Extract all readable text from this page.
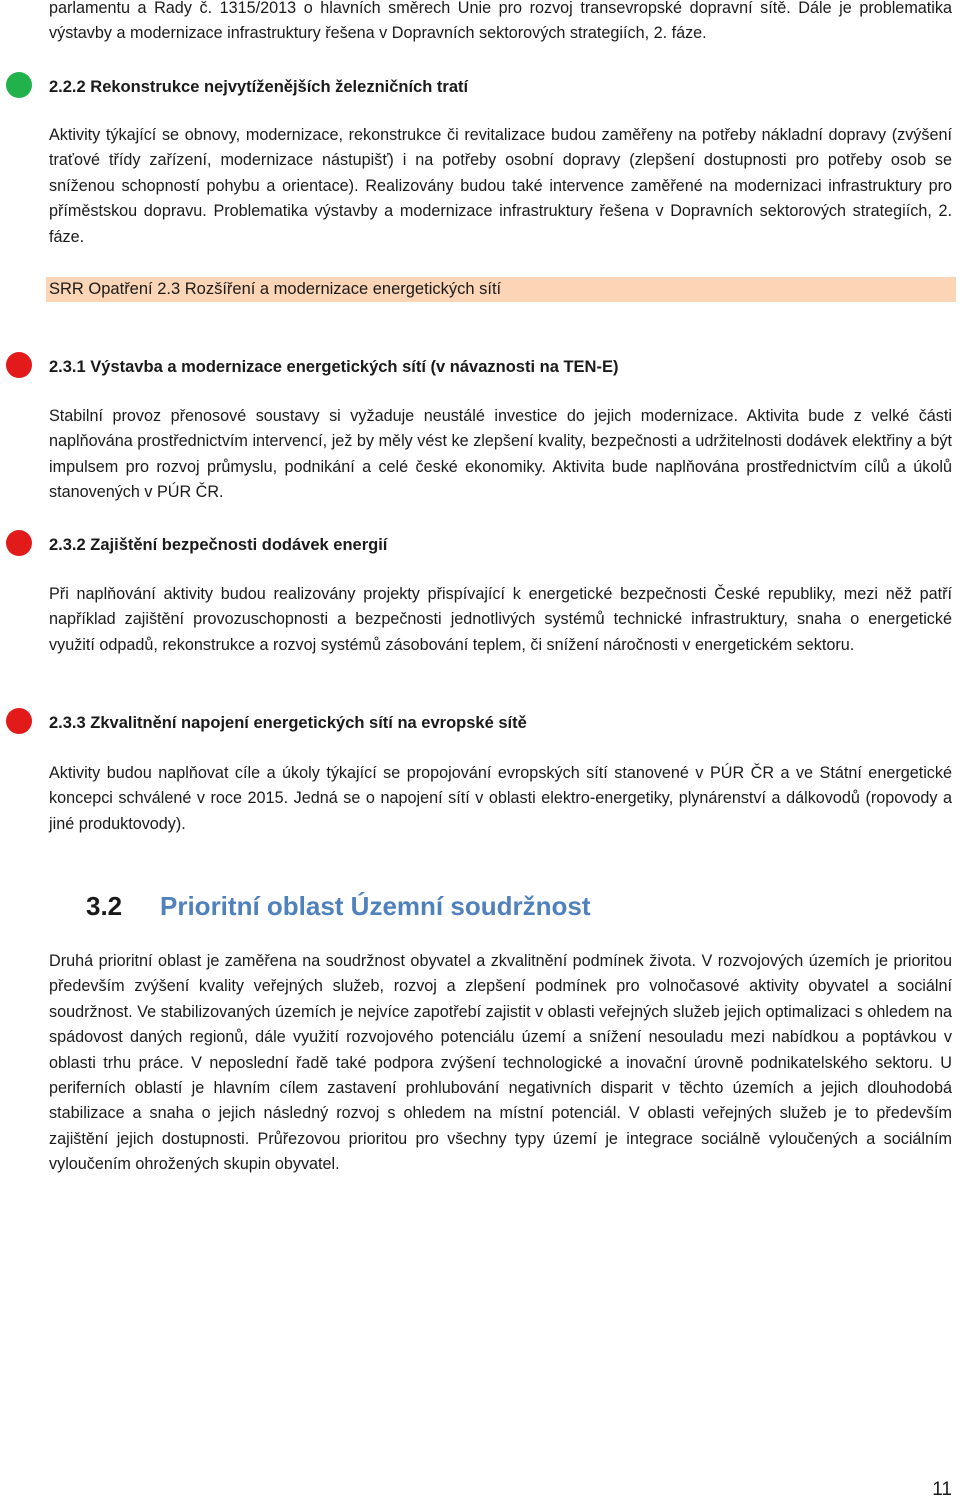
parlamentu a Rady č. 1315/2013 o hlavních směrech Unie pro rozvoj transevropské dopravní sítě. Dále je problematika výstavby a modernizace infrastruktury řešena v Dopravních sektorových strategiích, 2. fáze.

2.2.2 Rekonstrukce nejvytíženějších železničních tratí

Aktivity týkající se obnovy, modernizace, rekonstrukce či revitalizace budou zaměřeny na potřeby nákladní dopravy (zvýšení traťové třídy zařízení, modernizace nástupišť) i na potřeby osobní dopravy (zlepšení dostupnosti pro potřeby osob se sníženou schopností pohybu a orientace). Realizovány budou také intervence zaměřené na modernizaci infrastruktury pro příměstskou dopravu. Problematika výstavby a modernizace infrastruktury řešena v Dopravních sektorových strategiích, 2. fáze.

SRR Opatření 2.3 Rozšíření a modernizace energetických sítí
2.3.1 Výstavba a modernizace energetických sítí (v návaznosti na TEN-E)

Stabilní provoz přenosové soustavy si vyžaduje neustálé investice do jejich modernizace. Aktivita bude z velké části naplňována prostřednictvím intervencí, jež by měly vést ke zlepšení kvality, bezpečnosti a udržitelnosti dodávek elektřiny a být impulsem pro rozvoj průmyslu, podnikání a celé české ekonomiky. Aktivita bude naplňována prostřednictvím cílů a úkolů stanovených v PÚR ČR.

2.3.2 Zajištění bezpečnosti dodávek energií

Při naplňování aktivity budou realizovány projekty přispívající k energetické bezpečnosti České republiky, mezi něž patří například zajištění provozuschopnosti a bezpečnosti jednotlivých systémů technické infrastruktury, snaha o energetické využití odpadů, rekonstrukce a rozvoj systémů zásobování teplem, či snížení náročnosti v energetickém sektoru.

2.3.3 Zkvalitnění napojení energetických sítí na evropské sítě

Aktivity budou naplňovat cíle a úkoly týkající se propojování evropských sítí stanovené v PÚR ČR a ve Státní energetické koncepci schválené v roce 2015. Jedná se o napojení sítí v oblasti elektro-energetiky, plynárenství a dálkovodů (ropovody a jiné produktovody).

3.2 Prioritní oblast Územní soudržnost

Druhá prioritní oblast je zaměřena na soudržnost obyvatel a zkvalitnění podmínek života. V rozvojových územích je prioritou především zvýšení kvality veřejných služeb, rozvoj a zlepšení podmínek pro volnočasové aktivity obyvatel a sociální soudržnost. Ve stabilizovaných územích je nejvíce zapotřebí zajistit v oblasti veřejných služeb jejich optimalizaci s ohledem na spádovost daných regionů, dále využití rozvojového potenciálu území a snížení nesouladu mezi nabídkou a poptávkou v oblasti trhu práce. V neposlední řadě také podpora zvýšení technologické a inovační úrovně podnikatelského sektoru. U periferních oblastí je hlavním cílem zastavení prohlubování negativních disparit v těchto územích a jejich dlouhodobá stabilizace a snaha o jejich následný rozvoj s ohledem na místní potenciál. V oblasti veřejných služeb je to především zajištění jejich dostupnosti. Průřezovou prioritou pro všechny typy území je integrace sociálně vyloučených a sociálním vyloučením ohrožených skupin obyvatel.

11
